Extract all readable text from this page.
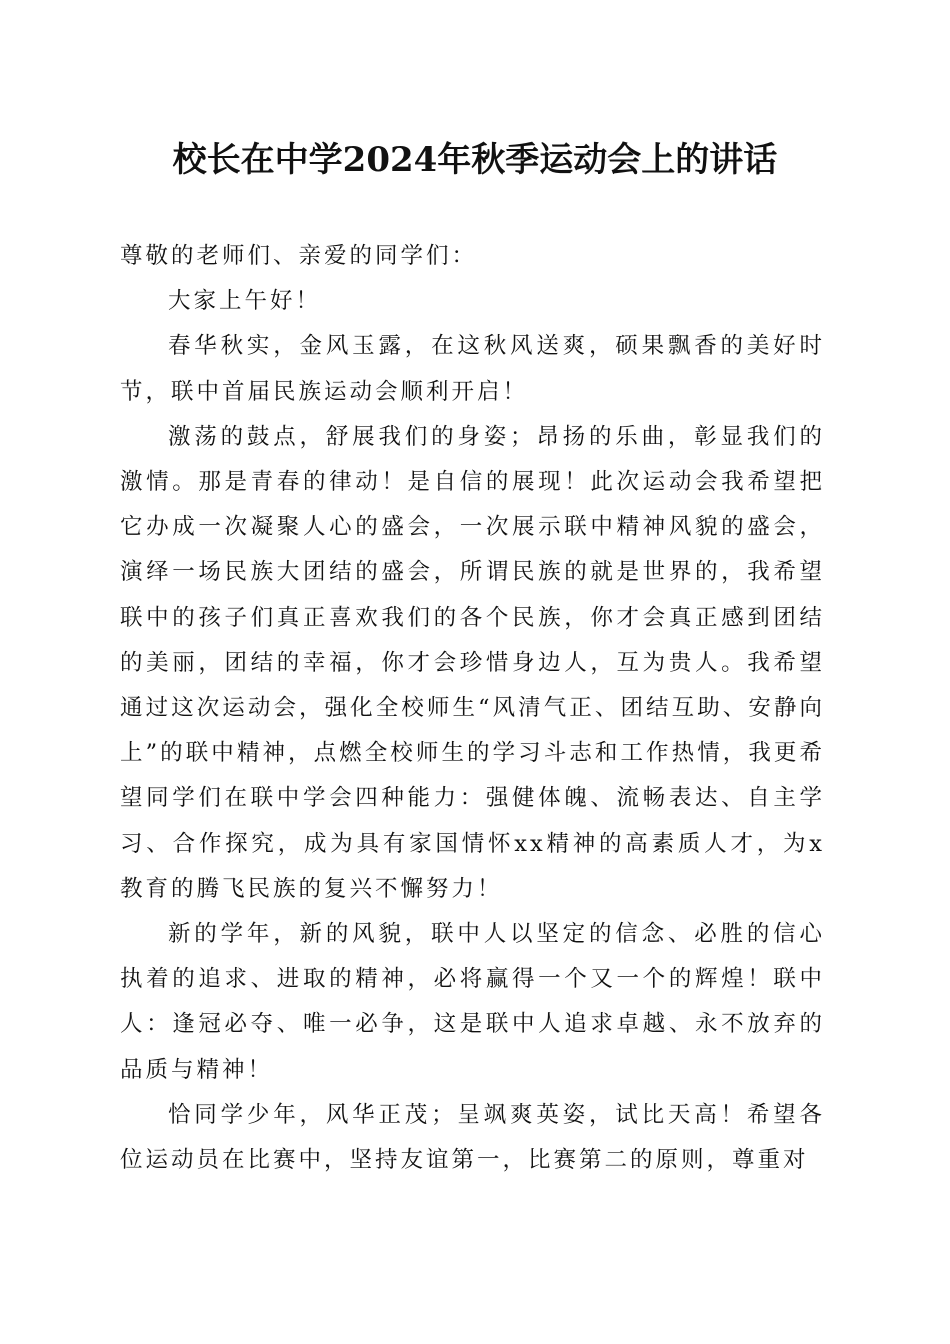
校长在中学2024年秋季运动会上的讲话

尊敬的老师们、亲爱的同学们：

大家上午好！

春华秋实，金风玉露，在这秋风送爽，硕果飘香的美好时节，联中首届民族运动会顺利开启！

激荡的鼓点，舒展我们的身姿；昂扬的乐曲，彰显我们的激情。那是青春的律动！是自信的展现！此次运动会我希望把它办成一次凝聚人心的盛会，一次展示联中精神风貌的盛会，演绎一场民族大团结的盛会，所谓民族的就是世界的，我希望联中的孩子们真正喜欢我们的各个民族，你才会真正感到团结的美丽，团结的幸福，你才会珍惜身边人，互为贵人。我希望通过这次运动会，强化全校师生“风清气正、团结互助、安静向上”的联中精神，点燃全校师生的学习斗志和工作热情，我更希望同学们在联中学会四种能力：强健体魄、流畅表达、自主学习、合作探究，成为具有家国情怀xx精神的高素质人才，为x教育的腾飞民族的复兴不懈努力！

新的学年，新的风貌，联中人以坚定的信念、必胜的信心执着的追求、进取的精神，必将赢得一个又一个的辉煌！联中人：逢冠必夺、唯一必争，这是联中人追求卓越、永不放弃的品质与精神！

恰同学少年，风华正茂；呈飒爽英姿，试比天高！希望各位运动员在比赛中，坚持友谊第一，比赛第二的原则，尊重对
